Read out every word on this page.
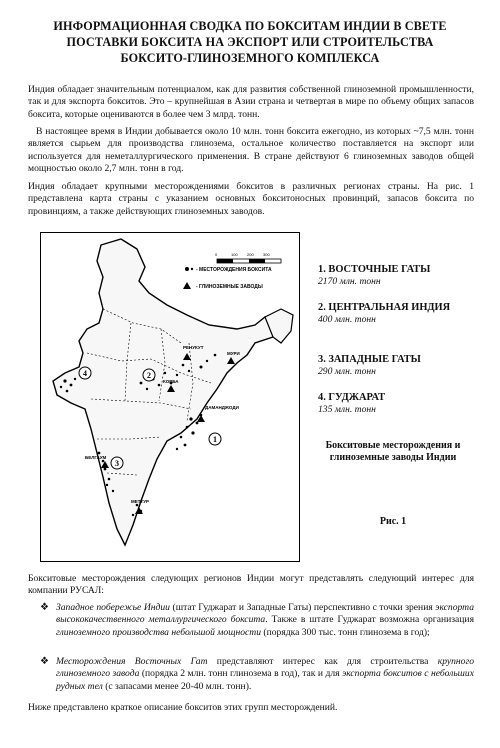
ИНФОРМАЦИОННАЯ СВОДКА ПО БОКСИТАМ ИНДИИ В СВЕТЕ
ПОСТАВКИ БОКСИТА НА ЭКСПОРТ ИЛИ СТРОИТЕЛЬСТВА
БОКСИТО-ГЛИНОЗЕМНОГО КОМПЛЕКСА
Индия обладает значительным потенциалом, как для развития собственной глиноземной промышленности, так и для экспорта бокситов. Это – крупнейшая в Азии страна и четвертая в мире по объему общих запасов боксита, которые оцениваются в более чем 3 млрд. тонн.
В настоящее время в Индии добывается около 10 млн. тонн боксита ежегодно, из которых ~7,5 млн. тонн является сырьем для производства глинозема, остальное количество поставляется на экспорт или используется для неметаллургического применения. В стране действуют 6 глиноземных заводов общей мощностью около 2,7 млн. тонн в год.
Индия обладает крупными месторождениями бокситов в различных регионах страны. На рис. 1 представлена карта страны с указанием основных бокситоносных провинций, запасов боксита по провинциям, а также действующих глиноземных заводов.
0	100 200 300
- МЕСТОРОЖДЕНИЯ БОКСИТА
- ГЛИНОЗЕМНЫЕ ЗАВОДЫ
РЕНУКУТ
МУРИ
КОРБА
ДАМАНДЖОДИ
БЕЛГАУМ
МЕТТУР
1
2
3
4
1. ВОСТОЧНЫЕ ГАТЫ
2170 млн. тонн
2. ЦЕНТРАЛЬНАЯ ИНДИЯ
400 млн. тонн
3. ЗАПАДНЫЕ ГАТЫ
290 млн. тонн
4. ГУДЖАРАТ
135 млн. тонн
Бокситовые месторождения и глиноземные заводы Индии
Рис. 1
Бокситовые месторождения следующих регионов Индии могут представлять следующий интерес для компании РУСАЛ:
❖ Западное побережье Индии (штат Гуджарат и Западные Гаты) перспективно с точки зрения экспорта высококачественного металлургического боксита. Также в штате Гуджарат возможна организация глиноземного производства небольшой мощности (порядка 300 тыс. тонн глинозема в год);
❖ Месторождения Восточных Гат представляют интерес как для строительства крупного глиноземного завода (порядка 2 млн. тонн глинозема в год), так и для экспорта бокситов с небольших рудных тел (с запасами менее 20-40 млн. тонн).
Ниже представлено краткое описание бокситов этих групп месторождений.
